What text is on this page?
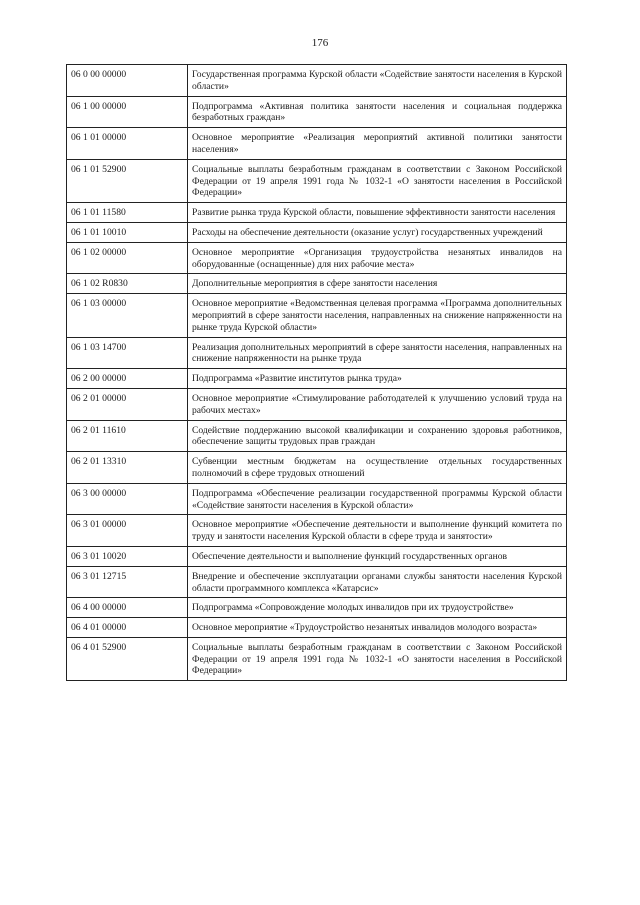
176
06 0 00 00000	Государственная программа Курской области «Содействие занятости населения в Курской области»
06 1 00 00000	Подпрограмма «Активная политика занятости населения и социальная поддержка безработных граждан»
06 1 01 00000	Основное мероприятие «Реализация мероприятий активной политики занятости населения»
06 1 01 52900	Социальные выплаты безработным гражданам в соответствии с Законом Российской Федерации от 19 апреля 1991 года № 1032-1 «О занятости населения в Российской Федерации»
06 1 01 11580	Развитие рынка труда Курской области, повышение эффективности занятости населения
06 1 01 10010	Расходы на обеспечение деятельности (оказание услуг) государственных учреждений
06 1 02 00000	Основное мероприятие «Организация трудоустройства незанятых инвалидов на оборудованные (оснащенные) для них рабочие места»
06 1 02 R0830	Дополнительные мероприятия в сфере занятости населения
06 1 03 00000	Основное мероприятие «Ведомственная целевая программа «Программа дополнительных мероприятий в сфере занятости населения, направленных на снижение напряженности на рынке труда Курской области»
06 1 03 14700	Реализация дополнительных мероприятий в сфере занятости населения, направленных на снижение напряженности на рынке труда
06 2 00 00000	Подпрограмма «Развитие институтов рынка труда»
06 2 01 00000	Основное мероприятие «Стимулирование работодателей к улучшению условий труда на рабочих местах»
06 2 01 11610	Содействие поддержанию высокой квалификации и сохранению здоровья работников, обеспечение защиты трудовых прав граждан
06 2 01 13310	Субвенции местным бюджетам на осуществление отдельных государственных полномочий в сфере трудовых отношений
06 3 00 00000	Подпрограмма «Обеспечение реализации государственной программы Курской области «Содействие занятости населения в Курской области»
06 3 01 00000	Основное мероприятие «Обеспечение деятельности и выполнение функций комитета по труду и занятости населения Курской области в сфере труда и занятости»
06 3 01 10020	Обеспечение деятельности и выполнение функций государственных органов
06 3 01 12715	Внедрение и обеспечение эксплуатации органами службы занятости населения Курской области программного комплекса «Катарсис»
06 4 00 00000	Подпрограмма «Сопровождение молодых инвалидов при их трудоустройстве»
06 4 01 00000	Основное мероприятие «Трудоустройство незанятых инвалидов молодого возраста»
06 4 01 52900	Социальные выплаты безработным гражданам в соответствии с Законом Российской Федерации от 19 апреля 1991 года № 1032-1 «О занятости населения в Российской Федерации»
